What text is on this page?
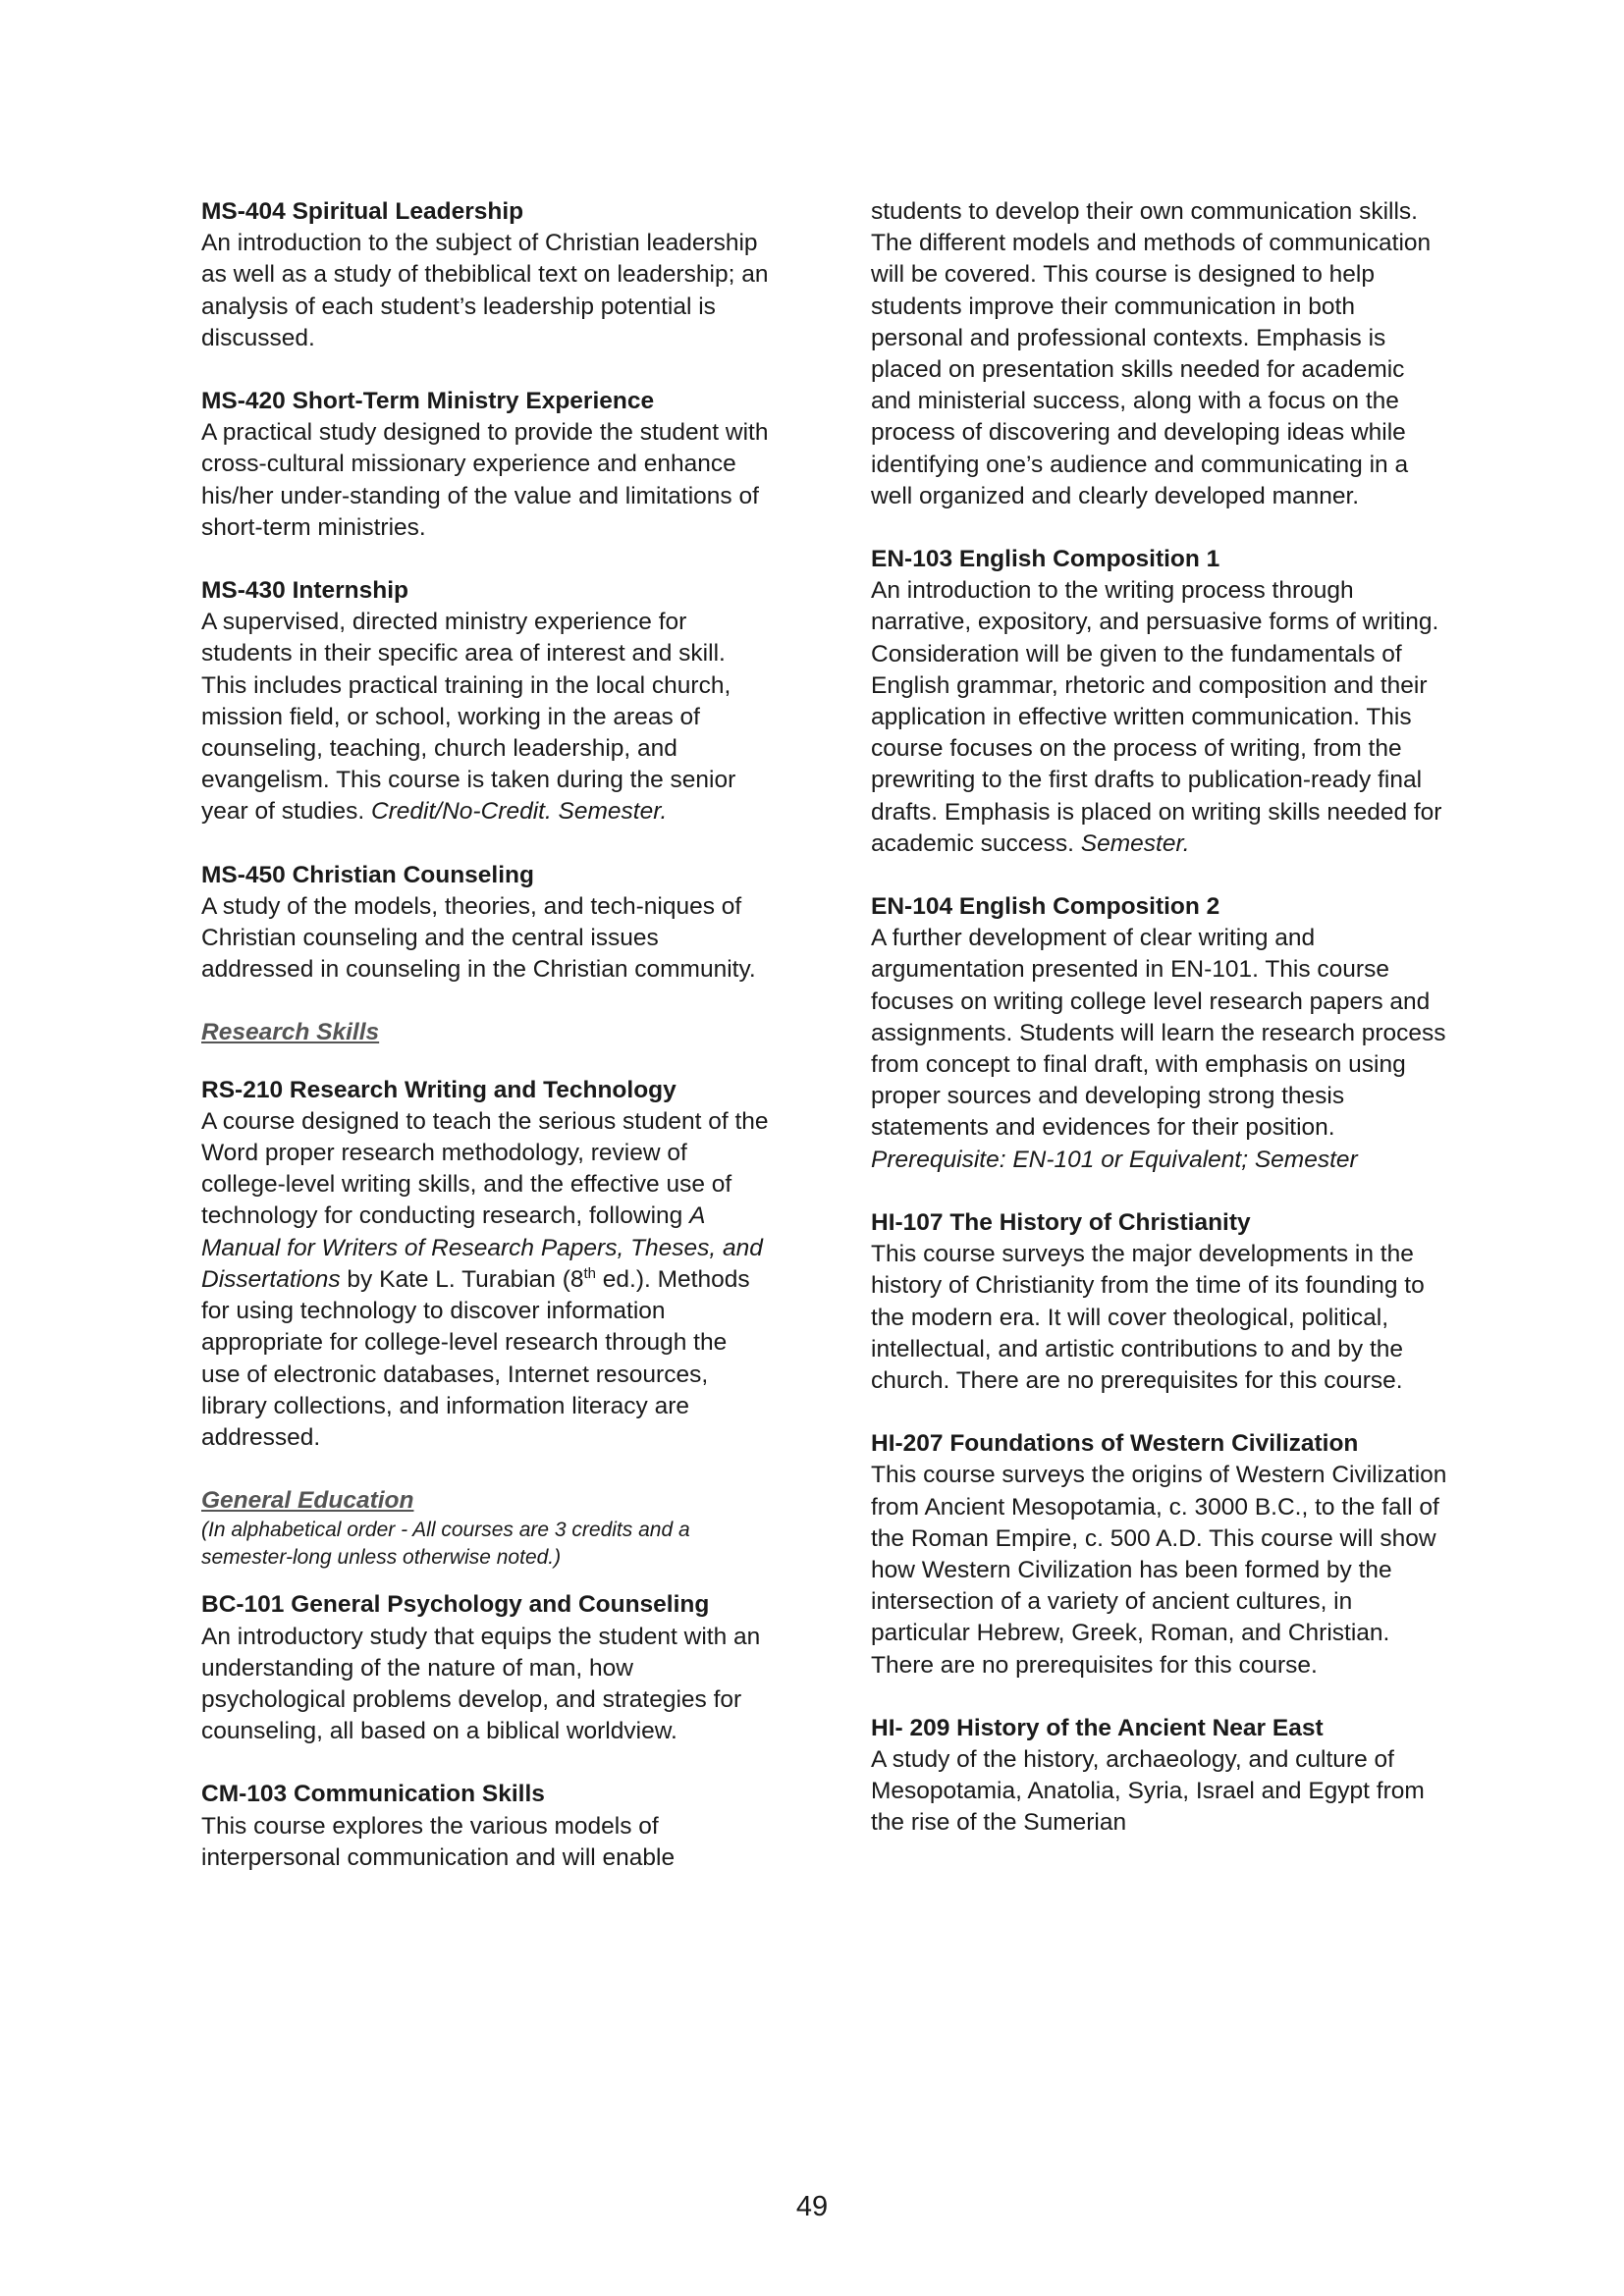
MS-404 Spiritual Leadership

An introduction to the subject of Christian leadership as well as a study of thebiblical text on leadership; an analysis of each student’s leadership potential is discussed.

MS-420 Short-Term Ministry Experience

A practical study designed to provide the student with cross-cultural missionary experience and enhance his/her under-standing of the value and limitations of short-term ministries.

MS-430 Internship

A supervised, directed ministry experience for students in their specific area of interest and skill. This includes practical training in the local church, mission field, or school, working in the areas of counseling, teaching, church leadership, and evangelism. This course is taken during the senior year of studies. Credit/No-Credit. Semester.

MS-450 Christian Counseling

A study of the models, theories, and tech-niques of Christian counseling and the central issues addressed in counseling in the Christian community.

Research Skills

RS-210 Research Writing and Technology

A course designed to teach the serious student of the Word proper research methodology, review of college-level writing skills, and the effective use of technology for conducting research, following A Manual for Writers of Research Papers, Theses, and Dissertations by Kate L. Turabian (8th ed.). Methods for using technology to discover information appropriate for college-level research through the use of electronic databases, Internet resources, library collections, and information literacy are addressed.

General Education

(In alphabetical order - All courses are 3 credits and a semester-long unless otherwise noted.)

BC-101 General Psychology and Counseling

An introductory study that equips the student with an understanding of the nature of man, how psychological problems develop, and strategies for counseling, all based on a biblical worldview.

CM-103 Communication Skills

This course explores the various models of interpersonal communication and will enable

students to develop their own communication skills. The different models and methods of communication will be covered. This course is designed to help students improve their communication in both personal and professional contexts. Emphasis is placed on presentation skills needed for academic and ministerial success, along with a focus on the process of discovering and developing ideas while identifying one’s audience and communicating in a well organized and clearly developed manner.

EN-103 English Composition 1

An introduction to the writing process through narrative, expository, and persuasive forms of writing. Consideration will be given to the fundamentals of English grammar, rhetoric and composition and their application in effective written communication. This course focuses on the process of writing, from the prewriting to the first drafts to publication-ready final drafts. Emphasis is placed on writing skills needed for academic success. Semester.

EN-104 English Composition 2

A further development of clear writing and argumentation presented in EN-101. This course focuses on writing college level research papers and assignments. Students will learn the research process from concept to final draft, with emphasis on using proper sources and developing strong thesis statements and evidences for their position. Prerequisite: EN-101 or Equivalent; Semester

HI-107 The History of Christianity

This course surveys the major developments in the history of Christianity from the time of its founding to the modern era. It will cover theological, political, intellectual, and artistic contributions to and by the church. There are no prerequisites for this course.

HI-207 Foundations of Western Civilization

This course surveys the origins of Western Civilization from Ancient Mesopotamia, c. 3000 B.C., to the fall of the Roman Empire, c. 500 A.D. This course will show how Western Civilization has been formed by the intersection of a variety of ancient cultures, in particular Hebrew, Greek, Roman, and Christian. There are no prerequisites for this course.

HI- 209 History of the Ancient Near East

A study of the history, archaeology, and culture of Mesopotamia, Anatolia, Syria, Israel and Egypt from the rise of the Sumerian

49
